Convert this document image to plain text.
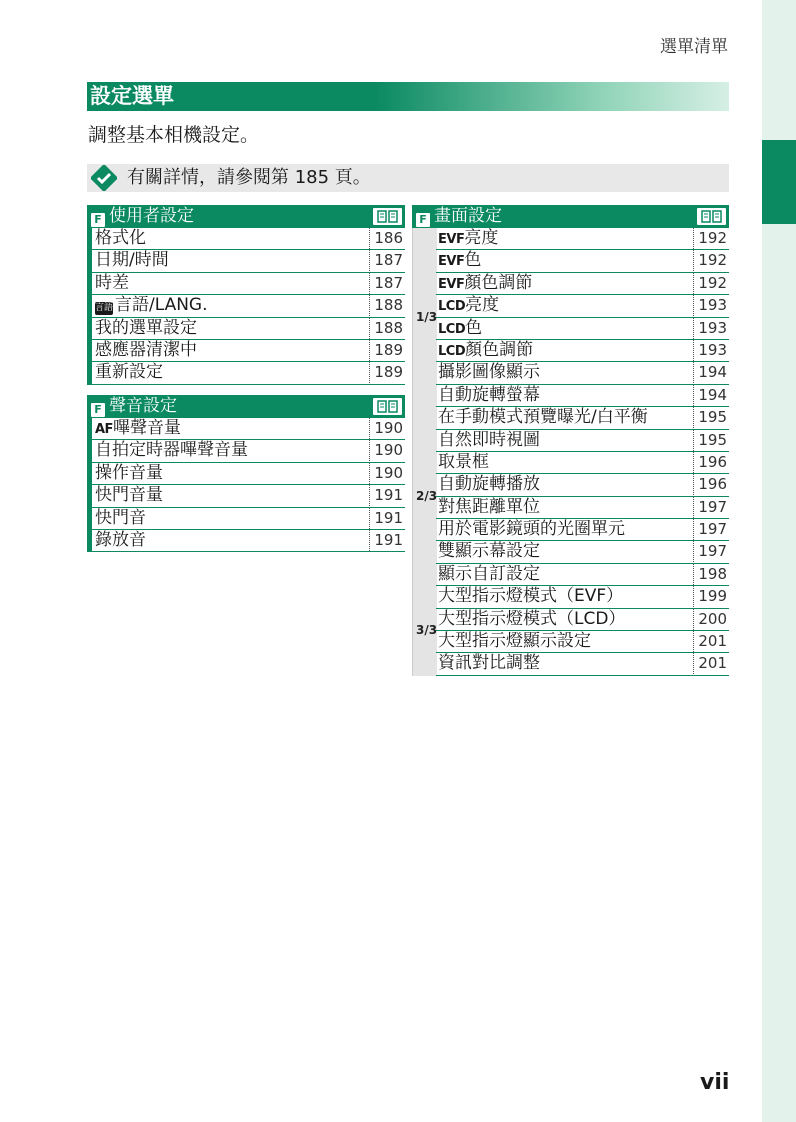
選單清單
設定選單
調整基本相機設定。
有關詳情，請參閱第 185 頁。
F 使用者設定
格式化	186
日期/時間	187
時差	187
言語 言語/LANG.	188
我的選單設定	188
感應器清潔中	189
重新設定	189
F 聲音設定
AF嗶聲音量	190
自拍定時器嗶聲音量	190
操作音量	190
快門音量	191
快門音	191
錄放音	191
F 畫面設定
1/3
EVF亮度	192
EVF色	192
EVF顏色調節	192
LCD亮度	193
LCD色	193
LCD顏色調節	193
攝影圖像顯示	194
自動旋轉螢幕	194
2/3
在手動模式預覽曝光/白平衡	195
自然即時視圖	195
取景框	196
自動旋轉播放	196
對焦距離單位	197
用於電影鏡頭的光圈單元	197
雙顯示幕設定	197
顯示自訂設定	198
3/3
大型指示燈模式（EVF）	199
大型指示燈模式（LCD）	200
大型指示燈顯示設定	201
資訊對比調整	201
vii
